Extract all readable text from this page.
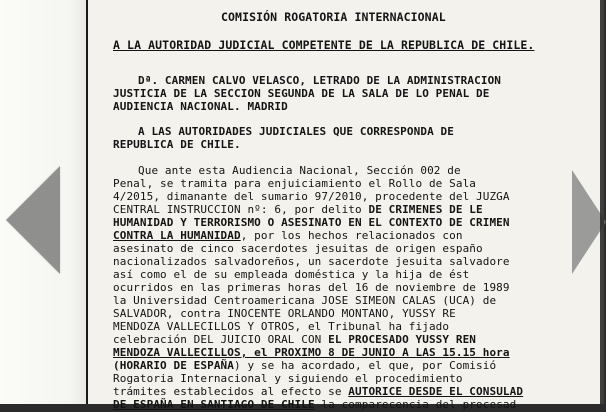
COMISIÓN ROGATORIA INTERNACIONAL
A LA AUTORIDAD JUDICIAL COMPETENTE DE LA REPUBLICA DE CHILE.
Dª. CARMEN CALVO VELASCO, LETRADO DE LA ADMINISTRACION
JUSTICIA DE LA SECCION SEGUNDA DE LA SALA DE LO PENAL DE
AUDIENCIA NACIONAL. MADRID
A LAS AUTORIDADES JUDICIALES QUE CORRESPONDA DE
REPUBLICA DE CHILE.
Que ante esta Audiencia Nacional, Sección 002 de
Penal, se tramita para enjuiciamiento el Rollo de Sala
4/2015, dimanante del sumario 97/2010, procedente del JUZGA
CENTRAL INSTRUCCION nº: 6, por delito DE CRIMENES DE LE
HUMANIDAD Y TERRORISMO O ASESINATO EN EL CONTEXTO DE CRIMEN
CONTRA LA HUMANIDAD, por los hechos relacionados con
asesinato de cinco sacerdotes jesuitas de origen españo
nacionalizados salvadoreños, un sacerdote jesuita salvadore
así como el de su empleada doméstica y la hija de ést
ocurridos en las primeras horas del 16 de noviembre de 1989
la Universidad Centroamericana JOSE SIMEON CALAS (UCA) de
SALVADOR, contra INOCENTE ORLANDO MONTANO, YUSSY RE
MENDOZA VALLECILLOS Y OTROS, el Tribunal ha fijado
celebración DEL JUICIO ORAL CON EL PROCESADO YUSSY REN
MENDOZA VALLECILLOS, el PROXIMO 8 DE JUNIO A LAS 15.15 hora
(HORARIO DE ESPAÑA) y se ha acordado, el que, por Comisió
Rogatoria Internacional y siguiendo el procedimiento
trámites establecidos al efecto se AUTORICE DESDE EL CONSULAD
DE ESPAÑA EN SANTIAGO DE CHILE la comparecencia del procesad
